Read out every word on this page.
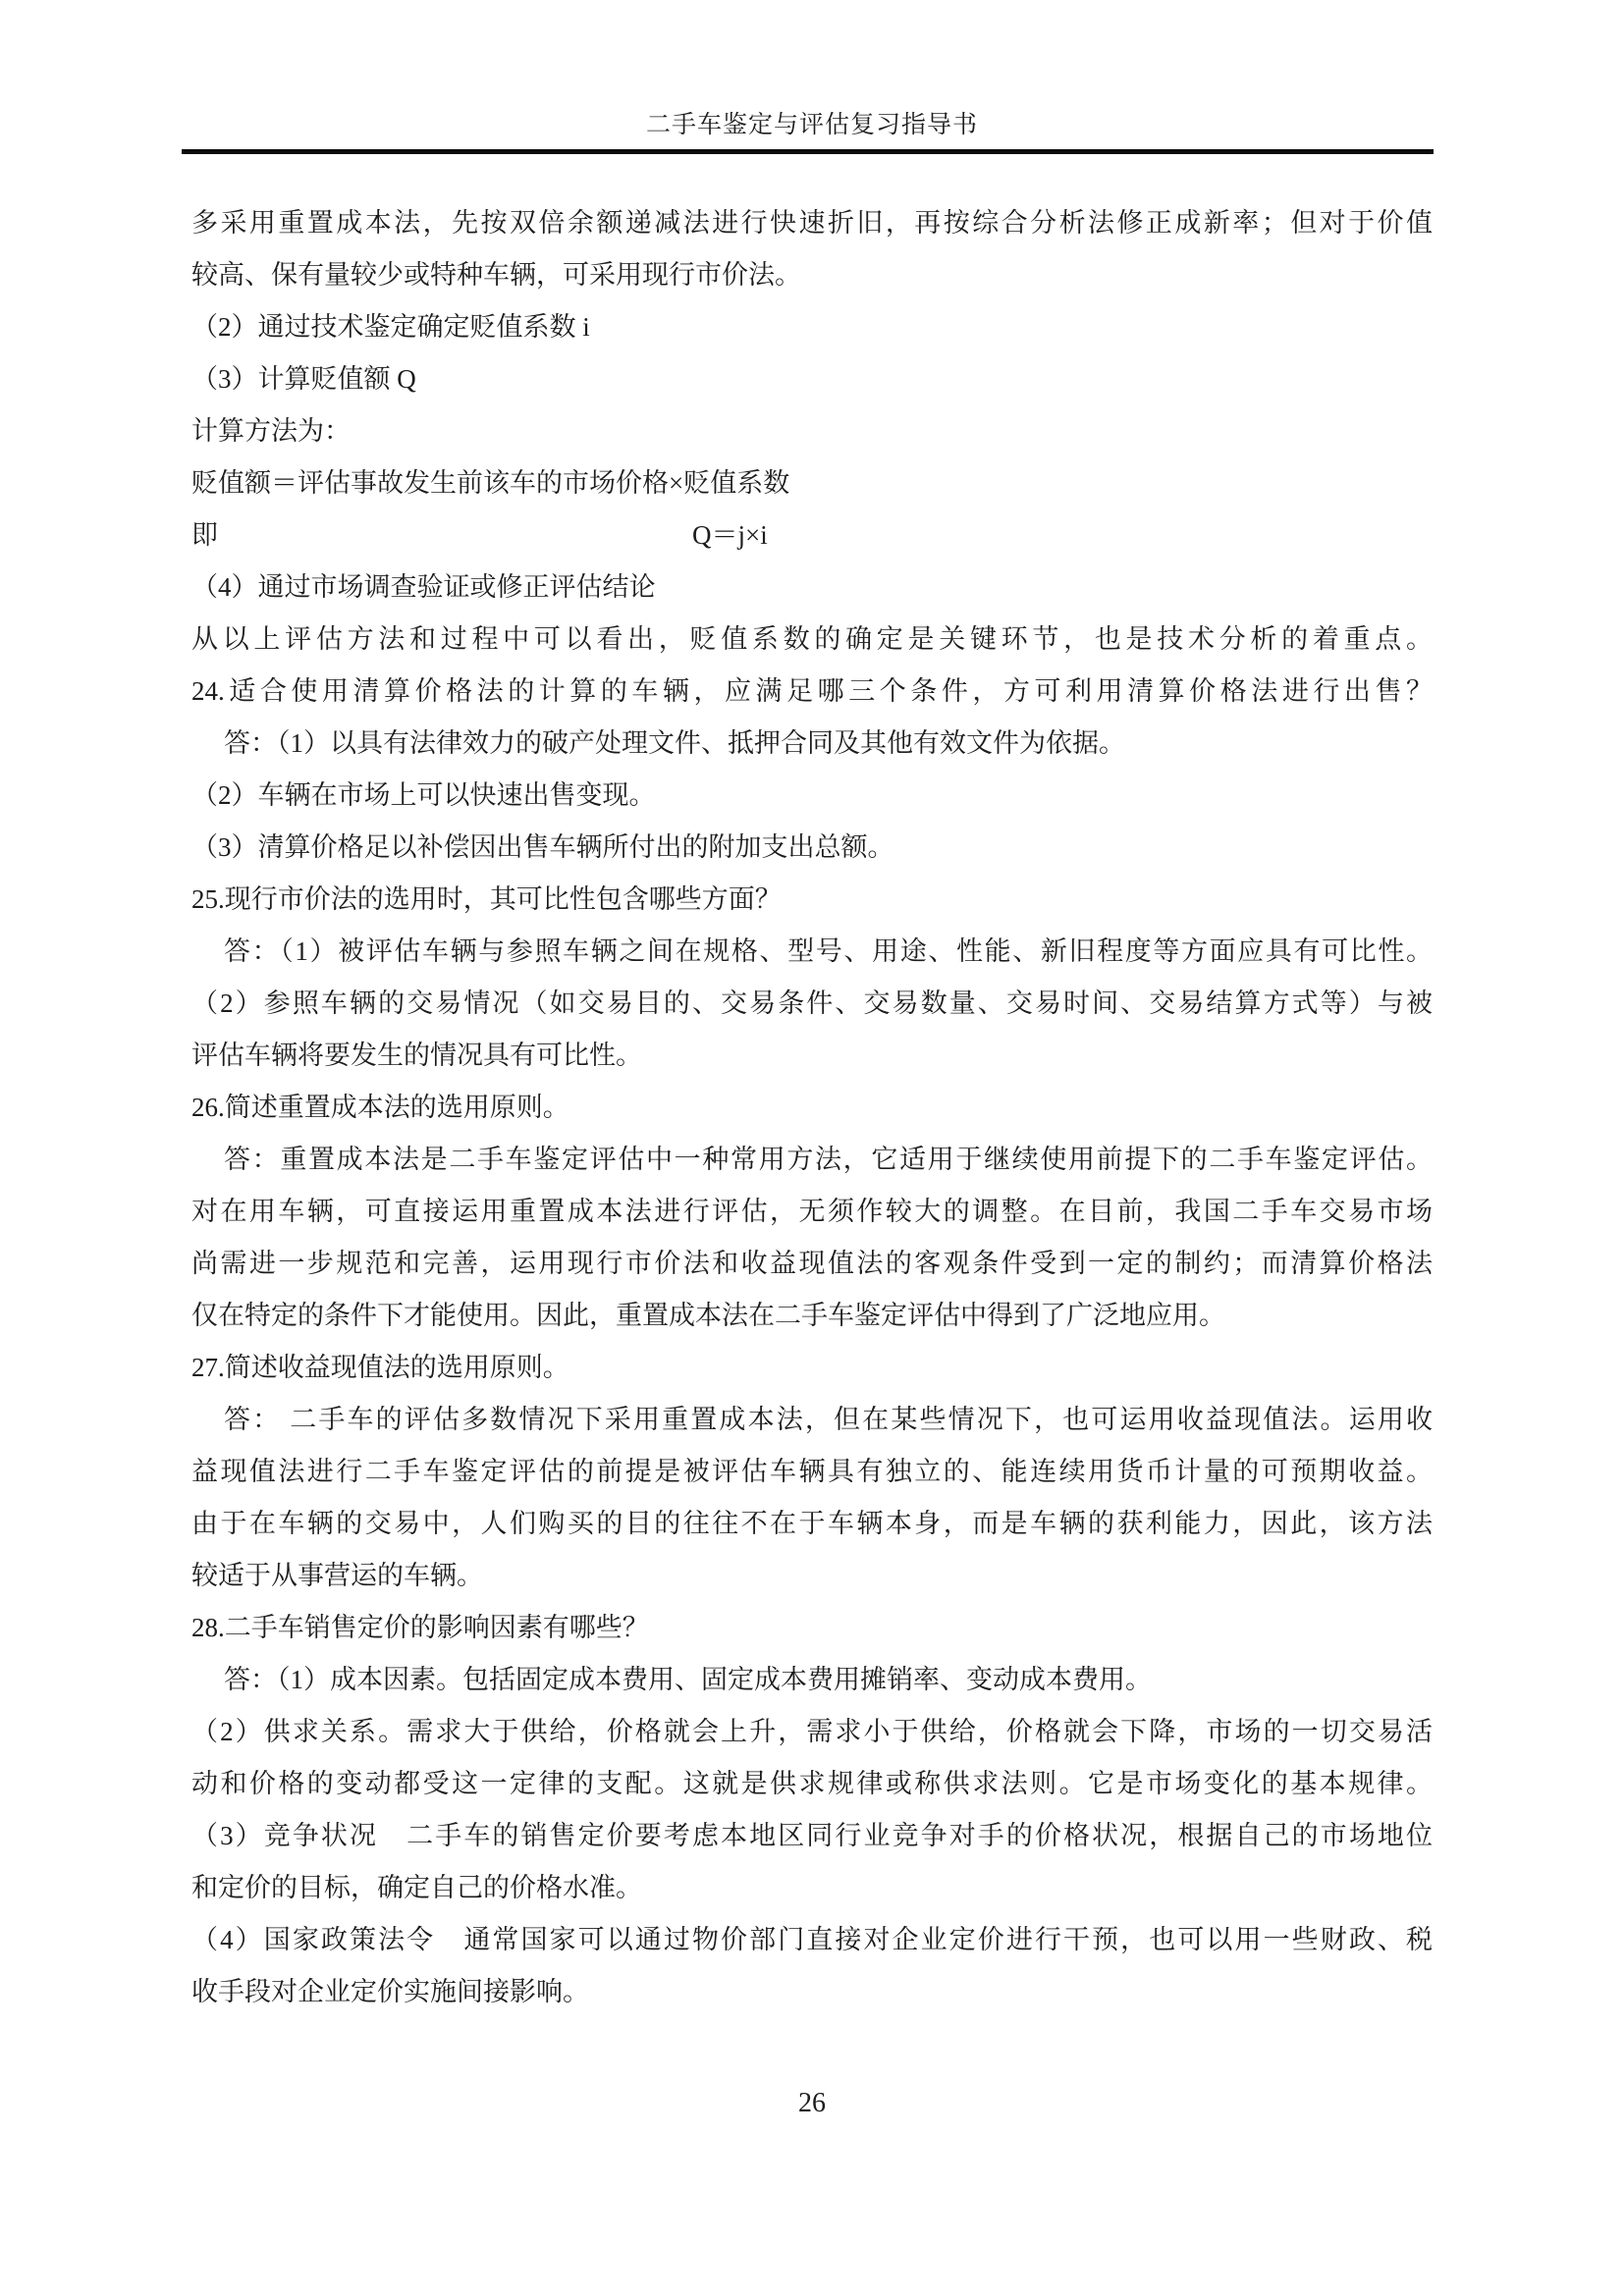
二手车鉴定与评估复习指导书
多采用重置成本法，先按双倍余额递减法进行快速折旧，再按综合分析法修正成新率；但对于价值
较高、保有量较少或特种车辆，可采用现行市价法。
（2）通过技术鉴定确定贬值系数 i
（3）计算贬值额 Q
计算方法为：
贬值额＝评估事故发生前该车的市场价格×贬值系数
即	Q＝j×i
（4）通过市场调查验证或修正评估结论
从以上评估方法和过程中可以看出，贬值系数的确定是关键环节，也是技术分析的着重点。
24.适合使用清算价格法的计算的车辆，应满足哪三个条件，方可利用清算价格法进行出售？
答：（1）以具有法律效力的破产处理文件、抵押合同及其他有效文件为依据。
（2）车辆在市场上可以快速出售变现。
（3）清算价格足以补偿因出售车辆所付出的附加支出总额。
25.现行市价法的选用时，其可比性包含哪些方面？
答：（1）被评估车辆与参照车辆之间在规格、型号、用途、性能、新旧程度等方面应具有可比性。
（2）参照车辆的交易情况（如交易目的、交易条件、交易数量、交易时间、交易结算方式等）与被
评估车辆将要发生的情况具有可比性。
26.简述重置成本法的选用原则。
答：重置成本法是二手车鉴定评估中一种常用方法，它适用于继续使用前提下的二手车鉴定评估。
对在用车辆，可直接运用重置成本法进行评估，无须作较大的调整。在目前，我国二手车交易市场
尚需进一步规范和完善，运用现行市价法和收益现值法的客观条件受到一定的制约；而清算价格法
仅在特定的条件下才能使用。因此，重置成本法在二手车鉴定评估中得到了广泛地应用。
27.简述收益现值法的选用原则。
答： 二手车的评估多数情况下采用重置成本法，但在某些情况下，也可运用收益现值法。运用收
益现值法进行二手车鉴定评估的前提是被评估车辆具有独立的、能连续用货币计量的可预期收益。
由于在车辆的交易中，人们购买的目的往往不在于车辆本身，而是车辆的获利能力，因此，该方法
较适于从事营运的车辆。
28.二手车销售定价的影响因素有哪些？
答：（1）成本因素。包括固定成本费用、固定成本费用摊销率、变动成本费用。
（2）供求关系。需求大于供给，价格就会上升，需求小于供给，价格就会下降，市场的一切交易活
动和价格的变动都受这一定律的支配。这就是供求规律或称供求法则。它是市场变化的基本规律。
（3）竞争状况　二手车的销售定价要考虑本地区同行业竞争对手的价格状况，根据自己的市场地位
和定价的目标，确定自己的价格水准。
（4）国家政策法令　通常国家可以通过物价部门直接对企业定价进行干预，也可以用一些财政、税
收手段对企业定价实施间接影响。
26
